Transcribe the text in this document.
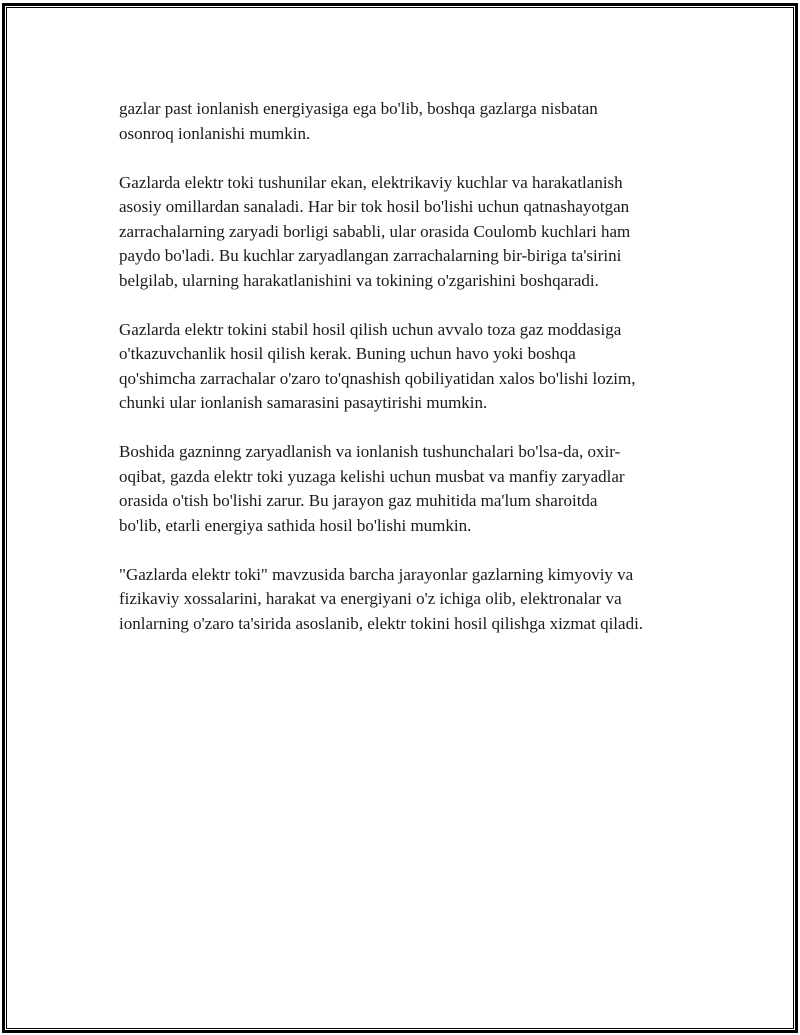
gazlar past ionlanish energiyasiga ega bo'lib, boshqa gazlarga nisbatan
osonroq ionlanishi mumkin.

Gazlarda elektr toki tushunilar ekan, elektrikaviy kuchlar va harakatlanish
asosiy omillardan sanaladi. Har bir tok hosil bo'lishi uchun qatnashayotgan
zarrachalarning zaryadi borligi sababli, ular orasida Coulomb kuchlari ham
paydo bo'ladi. Bu kuchlar zaryadlangan zarrachalarning bir-biriga ta'sirini
belgilab, ularning harakatlanishini va tokining o'zgarishini boshqaradi.

Gazlarda elektr tokini stabil hosil qilish uchun avvalo toza gaz moddasiga
o'tkazuvchanlik hosil qilish kerak. Buning uchun havo yoki boshqa
qo'shimcha zarrachalar o'zaro to'qnashish qobiliyatidan xalos bo'lishi lozim,
chunki ular ionlanish samarasini pasaytirishi mumkin.

Boshida gazninng zaryadlanish va ionlanish tushunchalari bo'lsa-da, oxir-
oqibat, gazda elektr toki yuzaga kelishi uchun musbat va manfiy zaryadlar
orasida o'tish bo'lishi zarur. Bu jarayon gaz muhitida ma'lum sharoitda
bo'lib, etarli energiya sathida hosil bo'lishi mumkin.

"Gazlarda elektr toki" mavzusida barcha jarayonlar gazlarning kimyoviy va
fizikaviy xossalarini, harakat va energiyani o'z ichiga olib, elektronalar va
ionlarning o'zaro ta'sirida asoslanib, elektr tokini hosil qilishga xizmat qiladi.
